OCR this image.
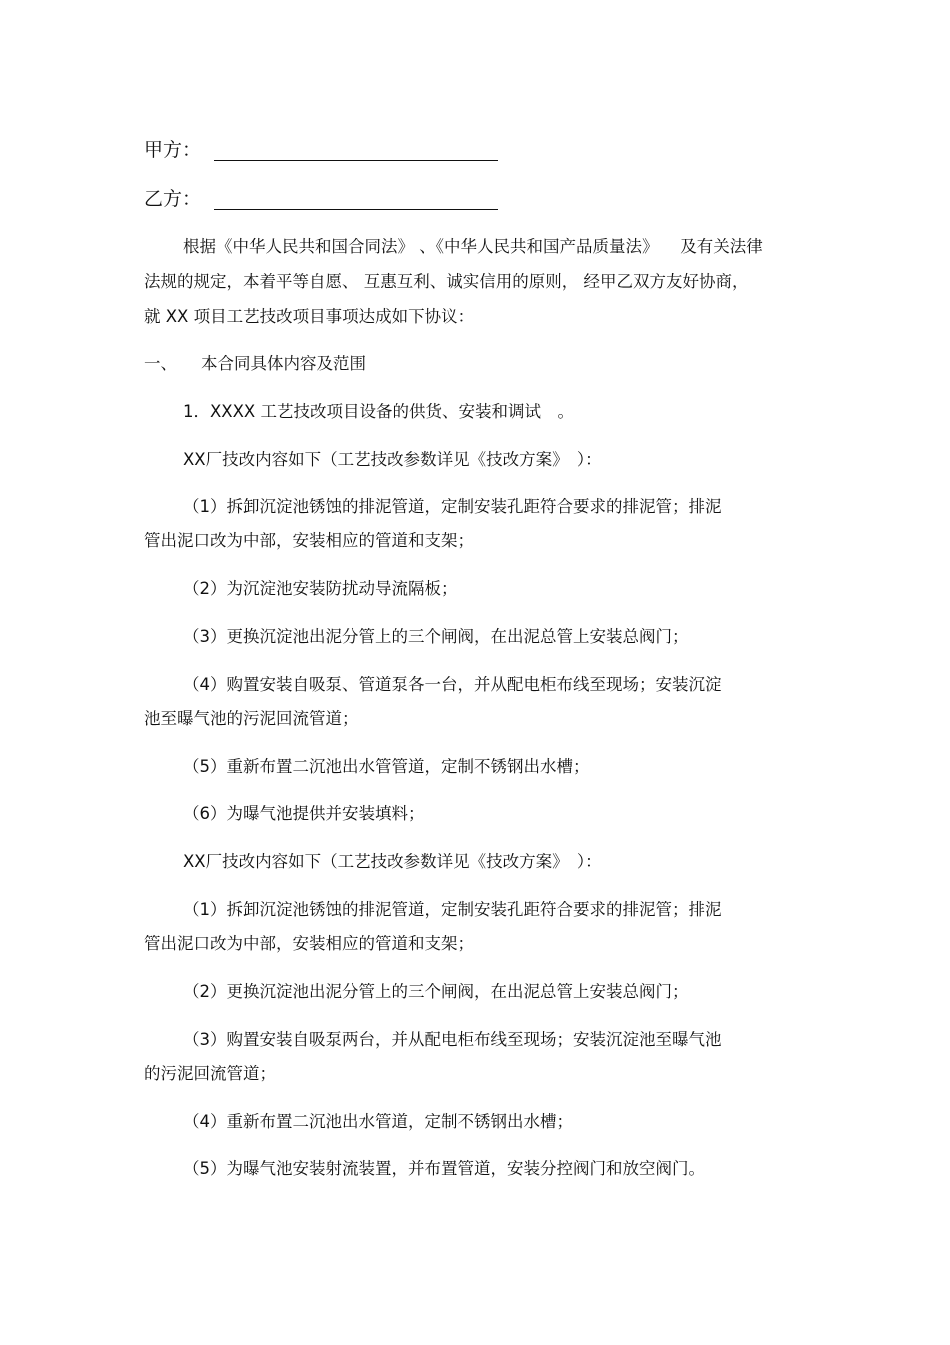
甲方：
乙方：
根据《中华人民共和国合同法》 、《中华人民共和国产品质量法》 　及有关法律
法规的规定，本着平等自愿、 互惠互利、诚实信用的原则， 经甲乙双方友好协商，
就 XX 项目工艺技改项目事项达成如下协议：
一、 本合同具体内容及范围
1．XXXX 工艺技改项目设备的供货、安装和调试　。
XX厂技改内容如下（工艺技改参数详见《技改方案》　）：
（1）拆卸沉淀池锈蚀的排泥管道，定制安装孔距符合要求的排泥管；排泥
管出泥口改为中部，安装相应的管道和支架；
（2）为沉淀池安装防扰动导流隔板；
（3）更换沉淀池出泥分管上的三个闸阀，在出泥总管上安装总阀门；
（4）购置安装自吸泵、管道泵各一台，并从配电柜布线至现场；安装沉淀
池至曝气池的污泥回流管道；
（5）重新布置二沉池出水管管道，定制不锈钢出水槽；
（6）为曝气池提供并安装填料；
XX厂技改内容如下（工艺技改参数详见《技改方案》　）：
（1）拆卸沉淀池锈蚀的排泥管道，定制安装孔距符合要求的排泥管；排泥
管出泥口改为中部，安装相应的管道和支架；
（2）更换沉淀池出泥分管上的三个闸阀，在出泥总管上安装总阀门；
（3）购置安装自吸泵两台，并从配电柜布线至现场；安装沉淀池至曝气池
的污泥回流管道；
（4）重新布置二沉池出水管道，定制不锈钢出水槽；
（5）为曝气池安装射流装置，并布置管道，安装分控阀门和放空阀门。
